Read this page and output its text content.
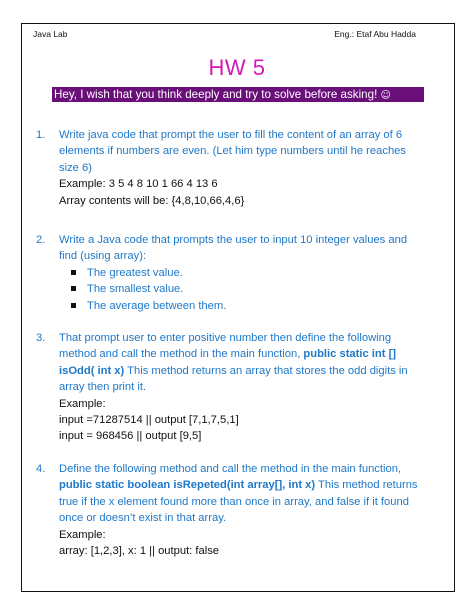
Java Lab	Eng.: Etaf Abu Hadda
HW 5
Hey, I wish that you think deeply and try to solve before asking! ☺
1.	Write java code that prompt the user to fill the content of an array of 6 elements if numbers are even. (Let him type numbers until he reaches size 6)
Example: 3 5 4 8 10 1 66 4 13 6
Array contents will be: {4,8,10,66,4,6}
2.	Write a Java code that prompts the user to input 10 integer values and find (using array):
The greatest value.
The smallest value.
The average between them.
3.	That prompt user to enter positive number then define the following method and call the method in the main function, public static int [] isOdd( int x) This method returns an array that stores the odd digits in array then print it.
Example:
input =71287514 || output [7,1,7,5,1]
input = 968456 || output [9,5]
4.	Define the following method and call the method in the main function, public static boolean isRepeted(int array[], int x) This method returns true if the x element found more than once in array, and false if it found once or doesn’t exist in that array.
Example:
array: [1,2,3], x: 1 || output: false
